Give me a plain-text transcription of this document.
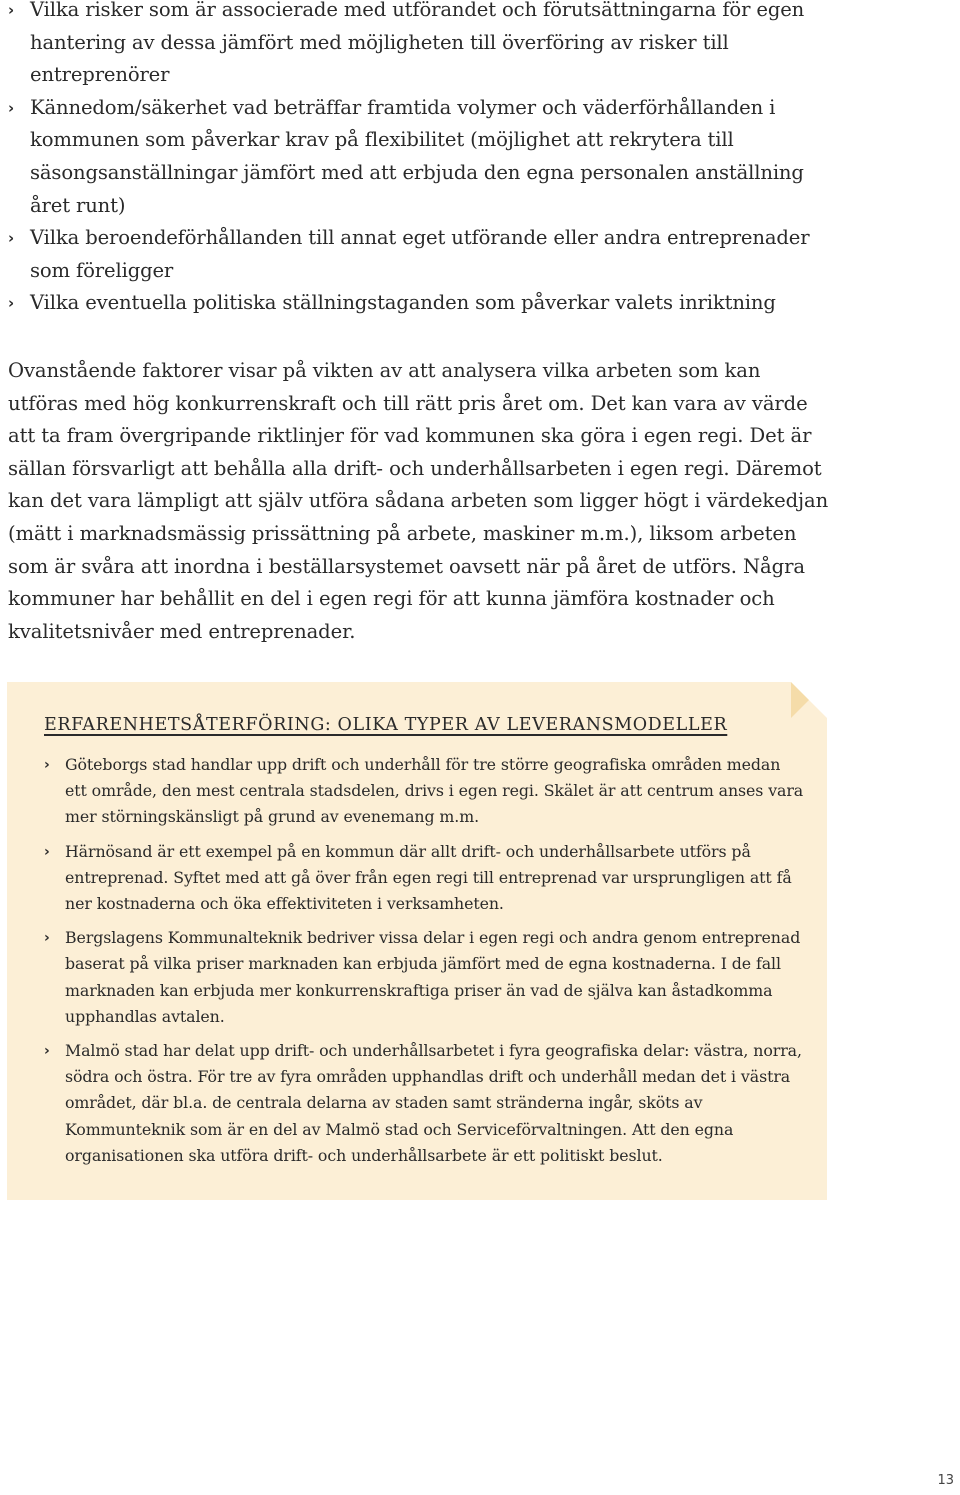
› Vilka risker som är associerade med utförandet och förutsättningarna för egen hantering av dessa jämfört med möjligheten till överföring av risker till entreprenörer
› Kännedom/säkerhet vad beträffar framtida volymer och väderförhållanden i kommunen som påverkar krav på flexibilitet (möjlighet att rekrytera till säsongsanställningar jämfört med att erbjuda den egna personalen anställning året runt)
› Vilka beroendeförhållanden till annat eget utförande eller andra entreprenader som föreligger
› Vilka eventuella politiska ställningstaganden som påverkar valets inriktning

Ovanstående faktorer visar på vikten av att analysera vilka arbeten som kan utföras med hög konkurrenskraft och till rätt pris året om. Det kan vara av värde att ta fram övergripande riktlinjer för vad kommunen ska göra i egen regi. Det är sällan försvarligt att behålla alla drift- och underhållsarbeten i egen regi. Däremot kan det vara lämpligt att själv utföra sådana arbeten som ligger högt i värdekedjan (mätt i marknadsmässig prissättning på arbete, maskiner m.m.), liksom arbeten som är svåra att inordna i beställarsystemet oavsett när på året de utförs. Några kommuner har behållit en del i egen regi för att kunna jämföra kostnader och kvalitetsnivåer med entreprenader.

ERFARENHETSÅTERFÖRING: OLIKA TYPER AV LEVERANSMODELLER
› Göteborgs stad handlar upp drift och underhåll för tre större geografiska områden medan ett område, den mest centrala stadsdelen, drivs i egen regi. Skälet är att centrum anses vara mer störningskänsligt på grund av evenemang m.m.
› Härnösand är ett exempel på en kommun där allt drift- och underhållsarbete utförs på entreprenad. Syftet med att gå över från egen regi till entreprenad var ursprungligen att få ner kostnaderna och öka effektiviteten i verksamheten.
› Bergslagens Kommunalteknik bedriver vissa delar i egen regi och andra genom entreprenad baserat på vilka priser marknaden kan erbjuda jämfört med de egna kostnaderna. I de fall marknaden kan erbjuda mer konkurrenskraftiga priser än vad de själva kan åstadkomma upphandlas avtalen.
› Malmö stad har delat upp drift- och underhållsarbetet i fyra geografiska delar: västra, norra, södra och östra. För tre av fyra områden upphandlas drift och underhåll medan det i västra området, där bl.a. de centrala delarna av staden samt stränderna ingår, sköts av Kommunteknik som är en del av Malmö stad och Serviceförvaltningen. Att den egna organisationen ska utföra drift- och underhållsarbete är ett politiskt beslut.
13
